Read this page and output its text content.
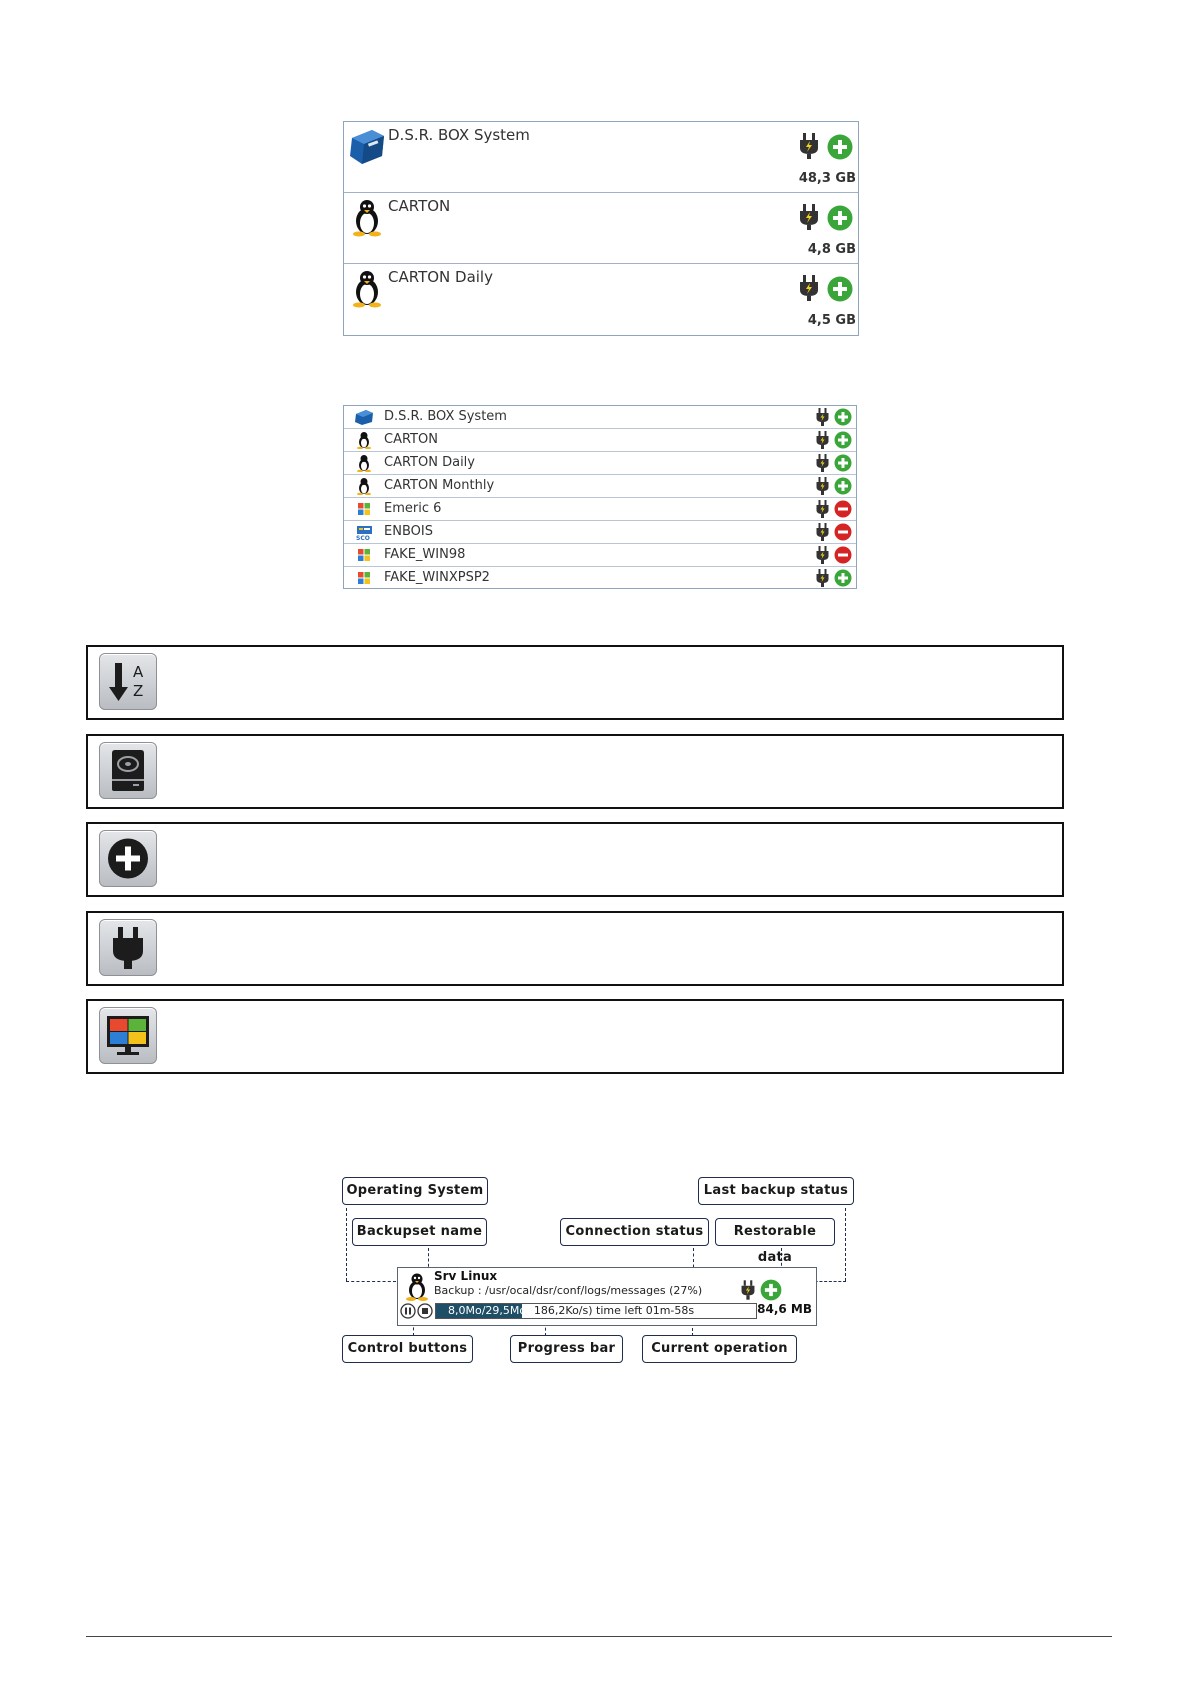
D.S.R. BOX System
48,3 GB
CARTON
4,8 GB
CARTON Daily
4,5 GB
D.S.R. BOX System
CARTON
CARTON Daily
CARTON Monthly
Emeric 6
SCO ENBOIS
FAKE_WIN98
FAKE_WINXPSP2
A
Z
Operating System	Last backup status
Backupset name	Connection status	Restorable data
Control buttons	Progress bar	Current operation
Srv Linux
Backup : /usr/ocal/dsr/conf/logs/messages (27%)
8,0Mo/29,5Mo (186,2Ko/s) time left 01m-58s	84,6 MB
